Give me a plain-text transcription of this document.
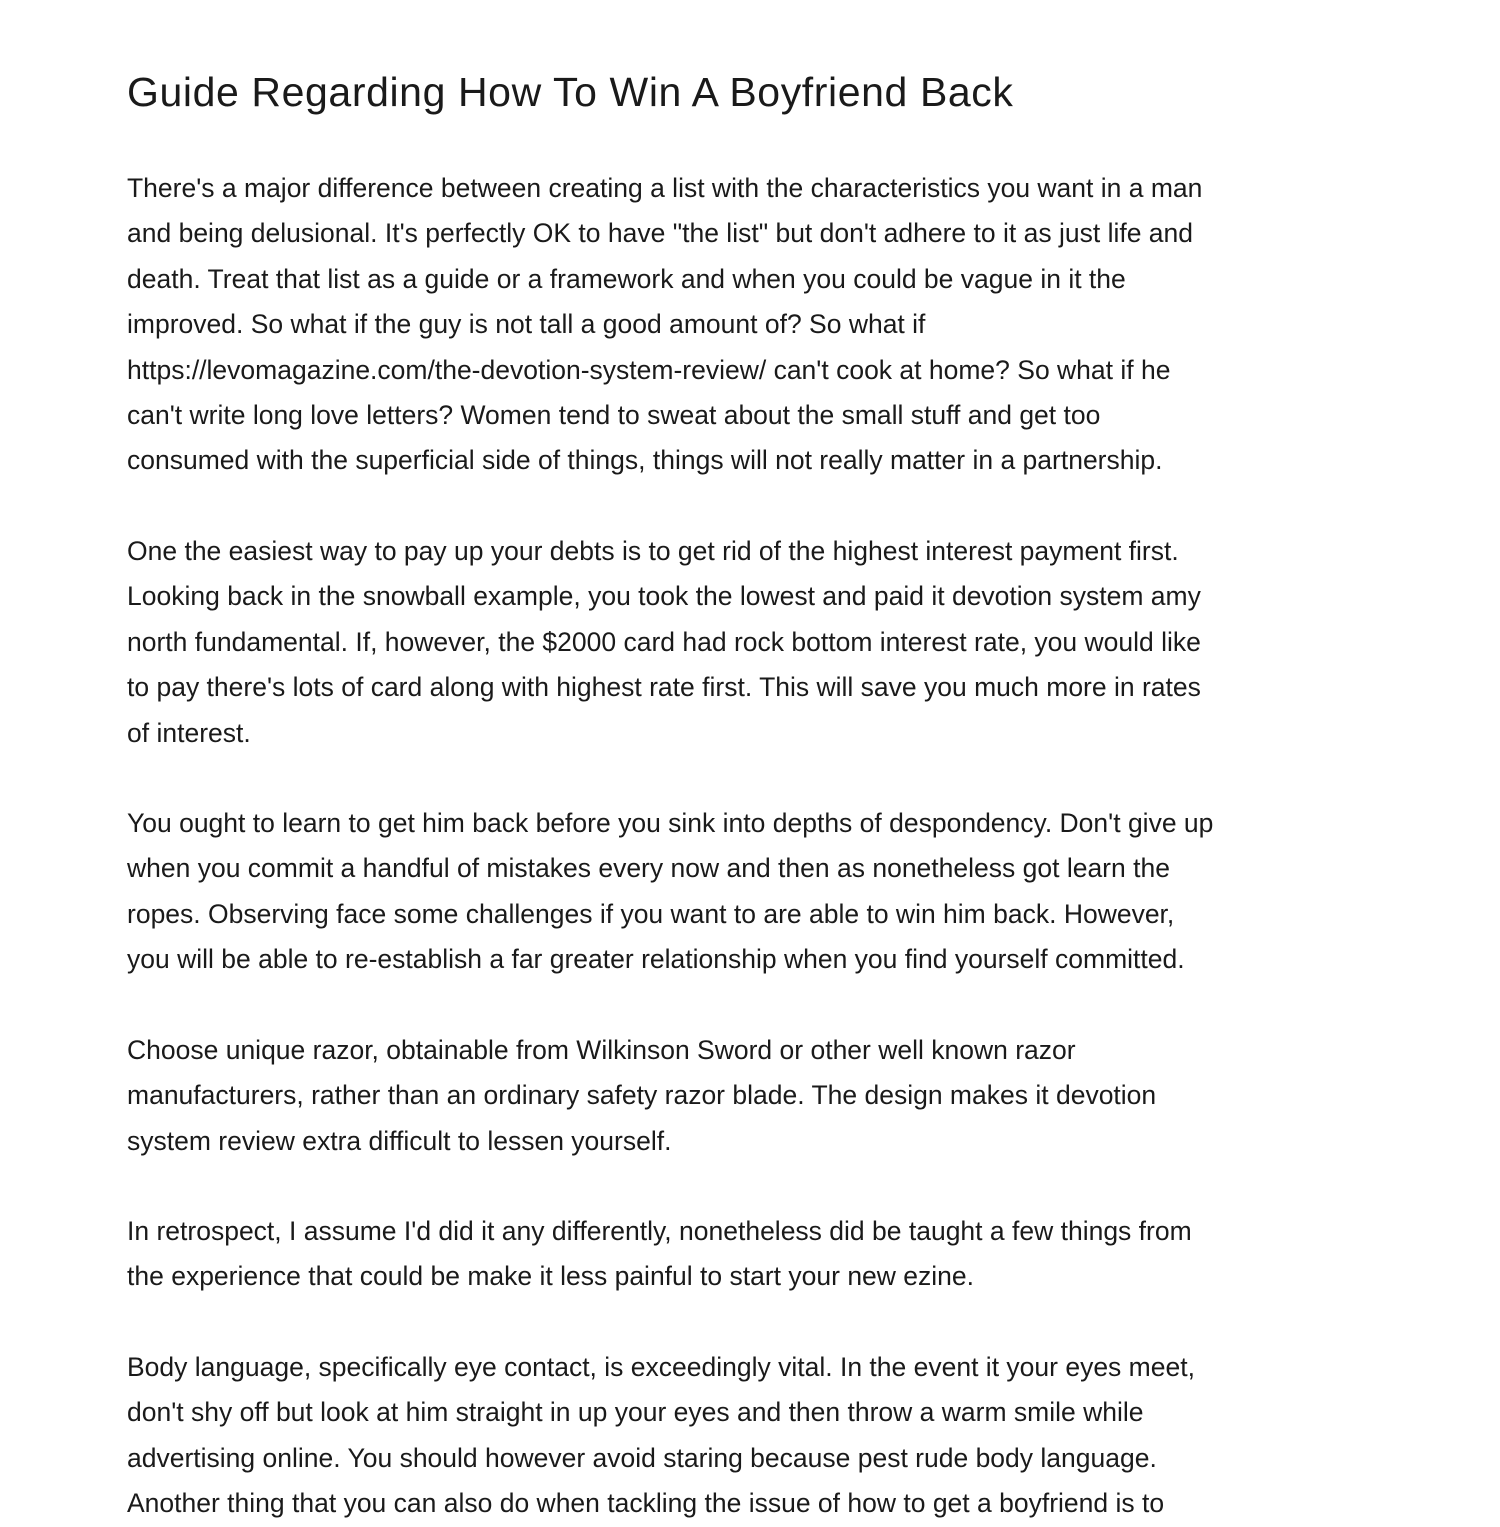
Guide Regarding How To Win A Boyfriend Back

There's a major difference between creating a list with the characteristics you want in a man
and being delusional. It's perfectly OK to have "the list" but don't adhere to it as just life and
death. Treat that list as a guide or a framework and when you could be vague in it the
improved. So what if the guy is not tall a good amount of? So what if
https://levomagazine.com/the-devotion-system-review/ can't cook at home? So what if he
can't write long love letters? Women tend to sweat about the small stuff and get too
consumed with the superficial side of things, things will not really matter in a partnership.

One the easiest way to pay up your debts is to get rid of the highest interest payment first.
Looking back in the snowball example, you took the lowest and paid it devotion system amy
north fundamental. If, however, the $2000 card had rock bottom interest rate, you would like
to pay there's lots of card along with highest rate first. This will save you much more in rates
of interest.

You ought to learn to get him back before you sink into depths of despondency. Don't give up
when you commit a handful of mistakes every now and then as nonetheless got learn the
ropes. Observing face some challenges if you want to are able to win him back. However,
you will be able to re-establish a far greater relationship when you find yourself committed.

Choose unique razor, obtainable from Wilkinson Sword or other well known razor
manufacturers, rather than an ordinary safety razor blade. The design makes it devotion
system review extra difficult to lessen yourself.

In retrospect, I assume I'd did it any differently, nonetheless did be taught a few things from
the experience that could be make it less painful to start your new ezine.

Body language, specifically eye contact, is exceedingly vital. In the event it your eyes meet,
don't shy off but look at him straight in up your eyes and then throw a warm smile while
advertising online. You should however avoid staring because pest rude body language.
Another thing that you can also do when tackling the issue of how to get a boyfriend is to
